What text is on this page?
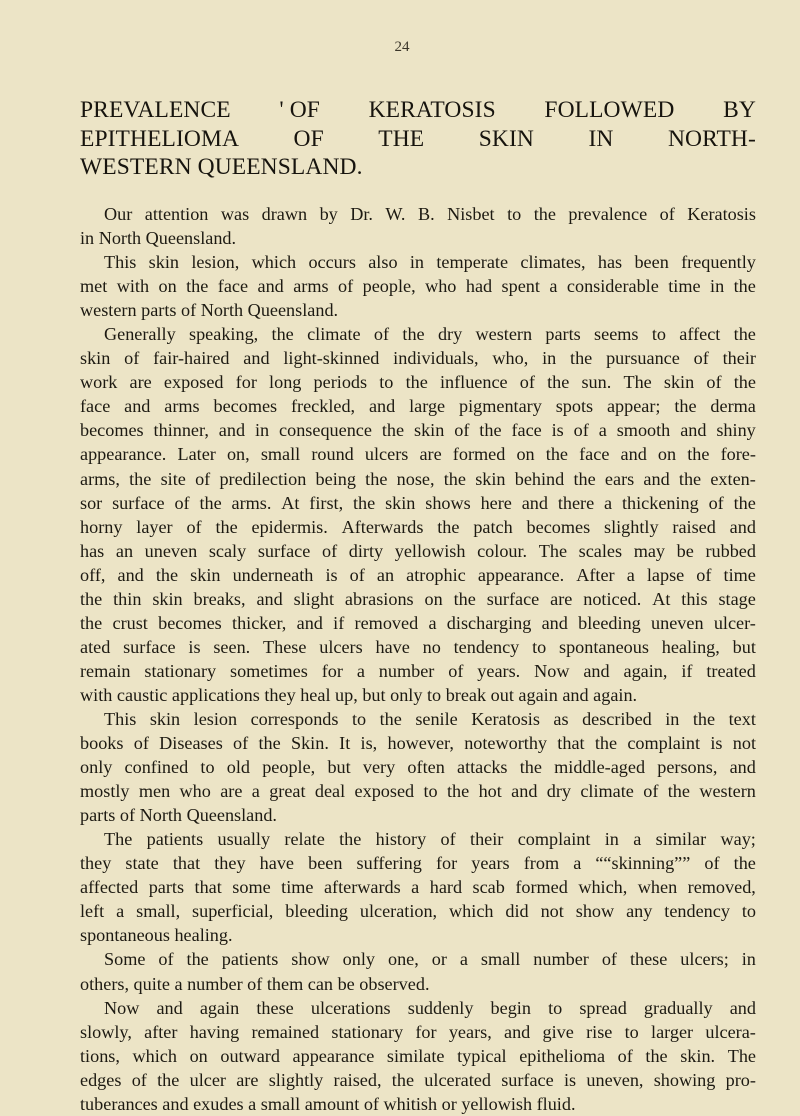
24
PREVALENCE ' OF KERATOSIS FOLLOWED BY
EPITHELIOMA OF THE SKIN IN NORTH-
WESTERN QUEENSLAND.
Our attention was drawn by Dr. W. B. Nisbet to the prevalence of Keratosis
in North Queensland.
This skin lesion, which occurs also in temperate climates, has been frequently
met with on the face and arms of people, who had spent a considerable time in the
western parts of North Queensland.
Generally speaking, the climate of the dry western parts seems to affect the
skin of fair-haired and light-skinned individuals, who, in the pursuance of their
work are exposed for long periods to the influence of the sun. The skin of the
face and arms becomes freckled, and large pigmentary spots appear; the derma
becomes thinner, and in consequence the skin of the face is of a smooth and shiny
appearance. Later on, small round ulcers are formed on the face and on the fore-
arms, the site of predilection being the nose, the skin behind the ears and the exten-
sor surface of the arms. At first, the skin shows here and there a thickening of the
horny layer of the epidermis. Afterwards the patch becomes slightly raised and
has an uneven scaly surface of dirty yellowish colour. The scales may be rubbed
off, and the skin underneath is of an atrophic appearance. After a lapse of time
the thin skin breaks, and slight abrasions on the surface are noticed. At this stage
the crust becomes thicker, and if removed a discharging and bleeding uneven ulcer-
ated surface is seen. These ulcers have no tendency to spontaneous healing, but
remain stationary sometimes for a number of years. Now and again, if treated
with caustic applications they heal up, but only to break out again and again.
This skin lesion corresponds to the senile Keratosis as described in the text
books of Diseases of the Skin. It is, however, noteworthy that the complaint is not
only confined to old people, but very often attacks the middle-aged persons, and
mostly men who are a great deal exposed to the hot and dry climate of the western
parts of North Queensland.
The patients usually relate the history of their complaint in a similar way;
they state that they have been suffering for years from a ““skinning”” of the
affected parts that some time afterwards a hard scab formed which, when removed,
left a small, superficial, bleeding ulceration, which did not show any tendency to
spontaneous healing.
Some of the patients show only one, or a small number of these ulcers; in
others, quite a number of them can be observed.
Now and again these ulcerations suddenly begin to spread gradually and
slowly, after having remained stationary for years, and give rise to larger ulcera-
tions, which on outward appearance similate typical epithelioma of the skin. The
edges of the ulcer are slightly raised, the ulcerated surface is uneven, showing pro-
tuberances and exudes a small amount of whitish or yellowish fluid.
